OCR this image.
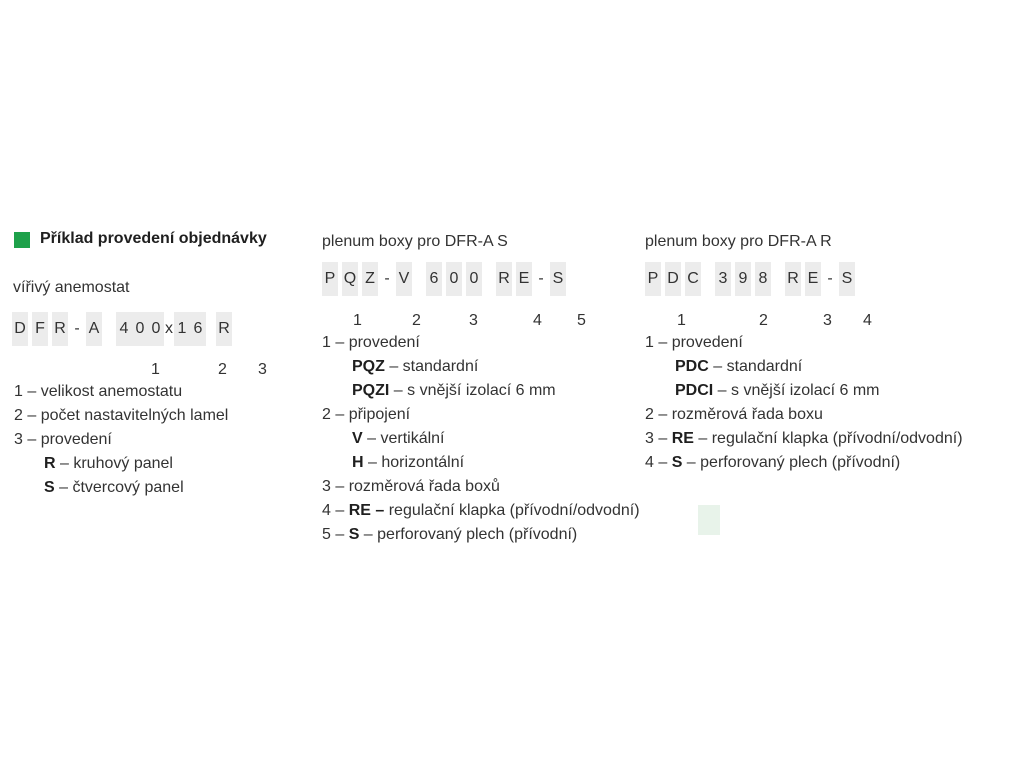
Příklad provedení objednávky
vířivý anemostat
D F R - A 4 0 0 x 1 6 R
1	2 3
1 – velikost anemostatu
2 – počet nastavitelných lamel
3 – provedení
R – kruhový panel
S – čtvercový panel
plenum boxy pro DFR-A S
P Q Z - V 6 0 0 R E - S
1	2	3	4 5
1 – provedení
PQZ – standardní
PQZI – s vnější izolací 6 mm
2 – připojení
V – vertikální
H – horizontální
3 – rozměrová řada boxů
4 – RE – regulační klapka (přívodní/odvodní)
5 – S – perforovaný plech (přívodní)
plenum boxy pro DFR-A R
P D C 3 9 8 R E - S
1	2	3 4
1 – provedení
PDC – standardní
PDCI – s vnější izolací 6 mm
2 – rozměrová řada boxu
3 – RE – regulační klapka (přívodní/odvodní)
4 – S – perforovaný plech (přívodní)
